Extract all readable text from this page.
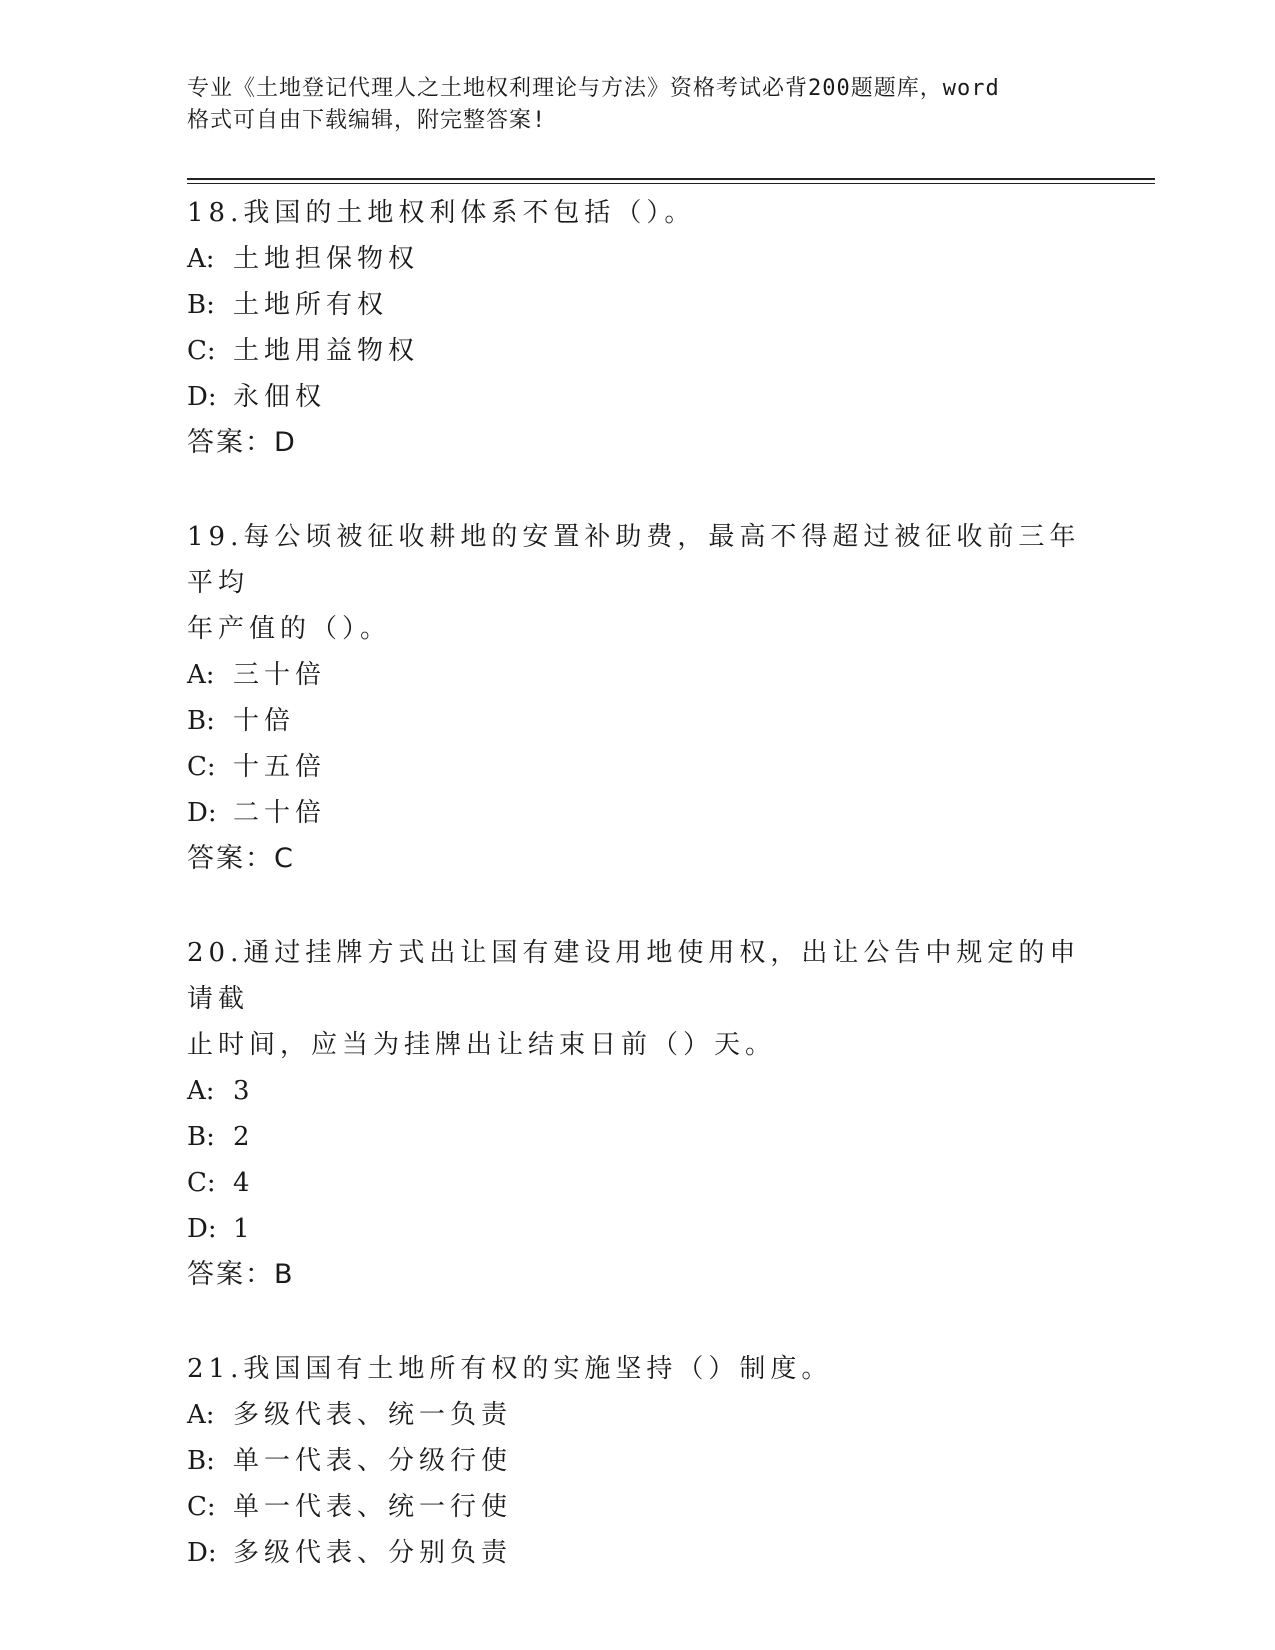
专业《土地登记代理人之土地权利理论与方法》资格考试必背200题题库，word
格式可自由下载编辑，附完整答案!
18.我国的土地权利体系不包括（）。
A: 土地担保物权
B: 土地所有权
C: 土地用益物权
D: 永佃权
答案：D
19.每公顷被征收耕地的安置补助费，最高不得超过被征收前三年平均
年产值的（）。
A: 三十倍
B: 十倍
C: 十五倍
D: 二十倍
答案：C
20.通过挂牌方式出让国有建设用地使用权，出让公告中规定的申请截
止时间，应当为挂牌出让结束日前（）天。
A: 3
B: 2
C: 4
D: 1
答案：B
21.我国国有土地所有权的实施坚持（）制度。
A: 多级代表、统一负责
B: 单一代表、分级行使
C: 单一代表、统一行使
D: 多级代表、分别负责
